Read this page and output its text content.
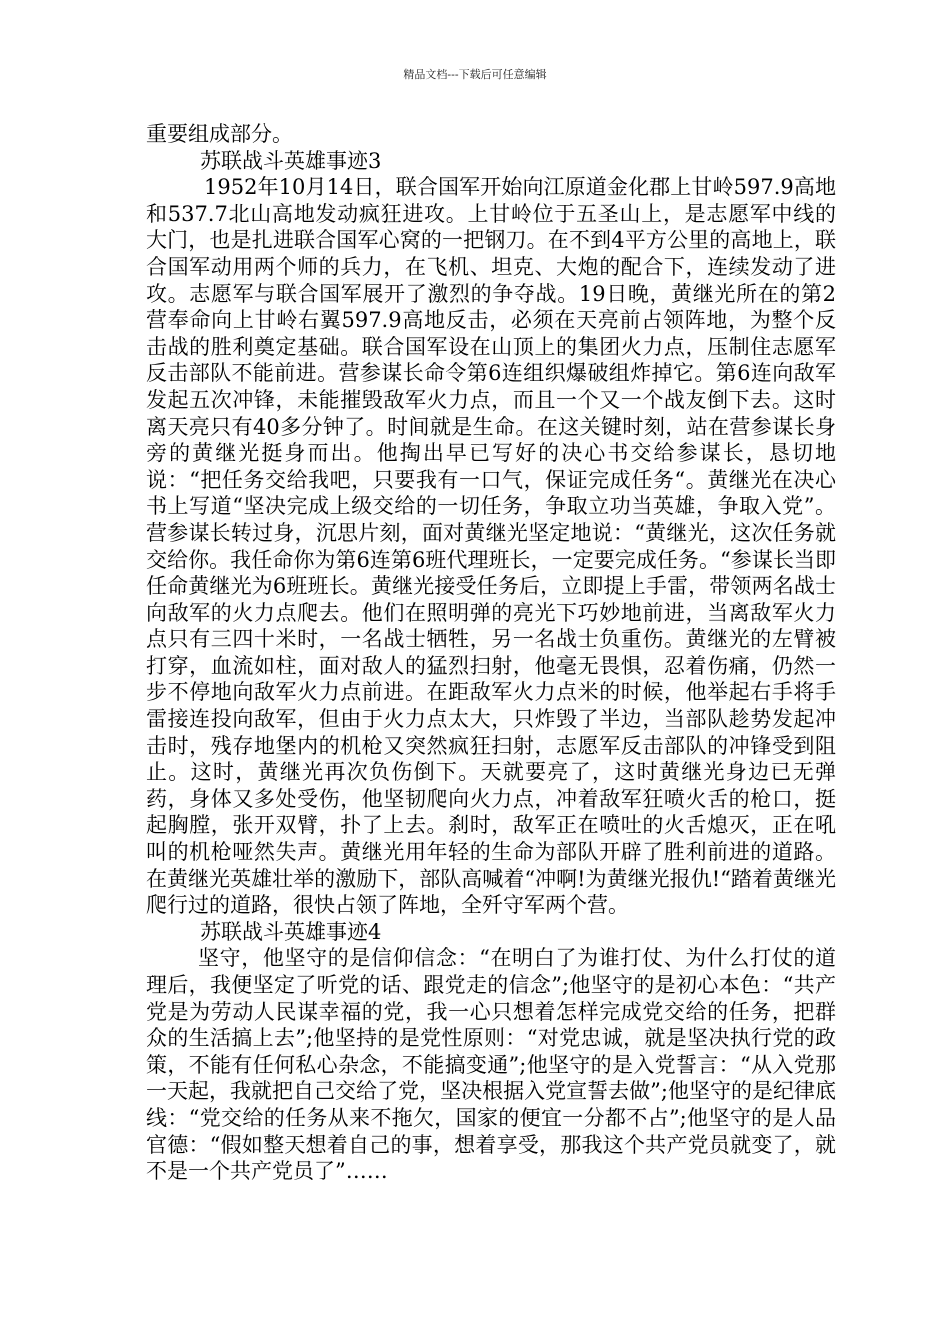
精品文档---下载后可任意编辑

重要组成部分。

苏联战斗英雄事迹3

1952年10月14日，联合国军开始向江原道金化郡上甘岭597.9高地和537.7北山高地发动疯狂进攻。上甘岭位于五圣山上，是志愿军中线的大门，也是扎进联合国军心窝的一把钢刀。在不到4平方公里的高地上，联合国军动用两个师的兵力，在飞机、坦克、大炮的配合下，连续发动了进攻。志愿军与联合国军展开了激烈的争夺战。19日晚，黄继光所在的第2营奉命向上甘岭右翼597.9高地反击，必须在天亮前占领阵地，为整个反击战的胜利奠定基础。联合国军设在山顶上的集团火力点，压制住志愿军反击部队不能前进。营参谋长命令第6连组织爆破组炸掉它。第6连向敌军发起五次冲锋，未能摧毁敌军火力点，而且一个又一个战友倒下去。这时离天亮只有40多分钟了。时间就是生命。在这关键时刻，站在营参谋长身旁的黄继光挺身而出。他掏出早已写好的决心书交给参谋长，恳切地说：“把任务交给我吧，只要我有一口气，保证完成任务“。黄继光在决心书上写道“坚决完成上级交给的一切任务，争取立功当英雄，争取入党”。营参谋长转过身，沉思片刻，面对黄继光坚定地说：“黄继光，这次任务就交给你。我任命你为第6连第6班代理班长，一定要完成任务。“参谋长当即任命黄继光为6班班长。黄继光接受任务后，立即提上手雷，带领两名战士向敌军的火力点爬去。他们在照明弹的亮光下巧妙地前进，当离敌军火力点只有三四十米时，一名战士牺牲，另一名战士负重伤。黄继光的左臂被打穿，血流如柱，面对敌人的猛烈扫射，他毫无畏惧，忍着伤痛，仍然一步不停地向敌军火力点前进。在距敌军火力点米的时候，他举起右手将手雷接连投向敌军，但由于火力点太大，只炸毁了半边，当部队趁势发起冲击时，残存地堡内的机枪又突然疯狂扫射，志愿军反击部队的冲锋受到阻止。这时，黄继光再次负伤倒下。天就要亮了，这时黄继光身边已无弹药，身体又多处受伤，他坚韧爬向火力点，冲着敌军狂喷火舌的枪口，挺起胸膛，张开双臂，扑了上去。刹时，敌军正在喷吐的火舌熄灭，正在吼叫的机枪哑然失声。黄继光用年轻的生命为部队开辟了胜利前进的道路。在黄继光英雄壮举的激励下，部队高喊着“冲啊!为黄继光报仇!“踏着黄继光爬行过的道路，很快占领了阵地，全歼守军两个营。

苏联战斗英雄事迹4

坚守，他坚守的是信仰信念：“在明白了为谁打仗、为什么打仗的道理后，我便坚定了听党的话、跟党走的信念”;他坚守的是初心本色：“共产党是为劳动人民谋幸福的党，我一心只想着怎样完成党交给的任务，把群众的生活搞上去”;他坚持的是党性原则：“对党忠诚，就是坚决执行党的政策，不能有任何私心杂念，不能搞变通”;他坚守的是入党誓言：“从入党那一天起，我就把自己交给了党，坚决根据入党宣誓去做”;他坚守的是纪律底线：“党交给的任务从来不拖欠，国家的便宜一分都不占”;他坚守的是人品官德：“假如整天想着自己的事，想着享受，那我这个共产党员就变了，就不是一个共产党员了”……
